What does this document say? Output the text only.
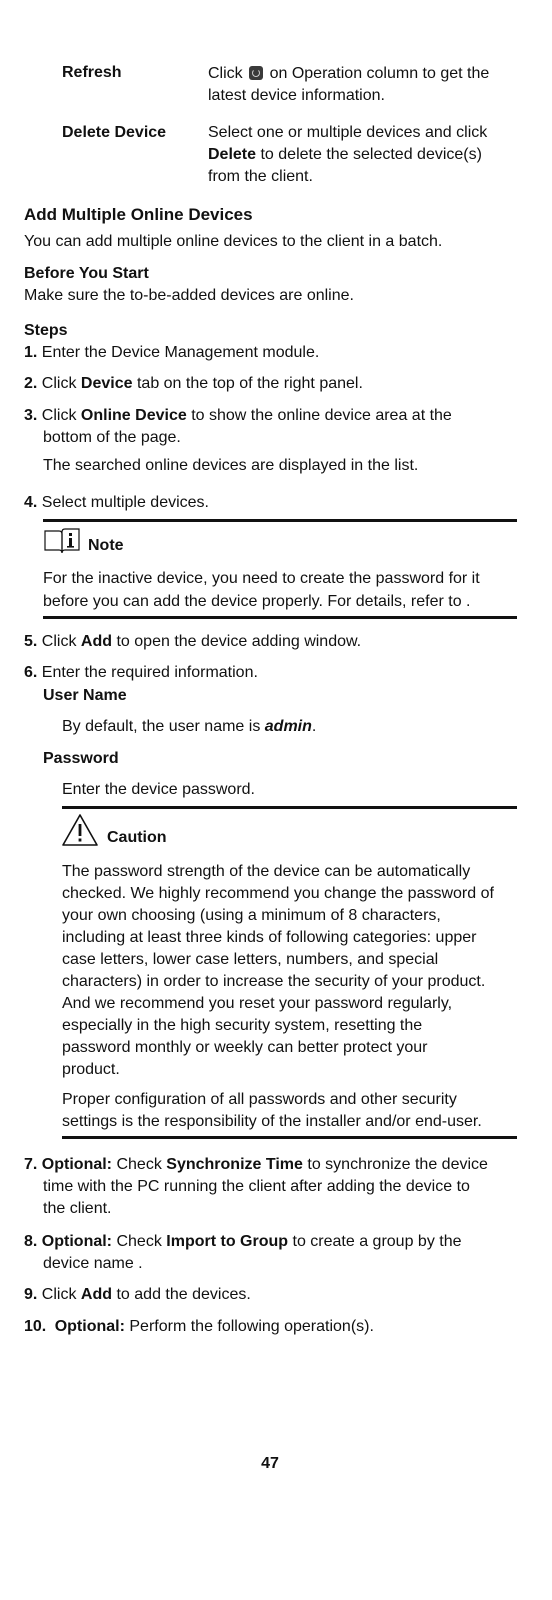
Refresh	Click on Operation column to get the
latest device information.
Delete Device	Select one or multiple devices and click
Delete to delete the selected device(s)
from the client.
Add Multiple Online Devices
You can add multiple online devices to the client in a batch.
Before You Start
Make sure the to-be-added devices are online.
Steps
1. Enter the Device Management module.
2. Click Device tab on the top of the right panel.
3. Click Online Device to show the online device area at the
bottom of the page.
The searched online devices are displayed in the list.
4. Select multiple devices.
Note
For the inactive device, you need to create the password for it
before you can add the device properly. For details, refer to .
5. Click Add to open the device adding window.
6. Enter the required information.
User Name
By default, the user name is admin.
Password
Enter the device password.
Caution
The password strength of the device can be automatically
checked. We highly recommend you change the password of
your own choosing (using a minimum of 8 characters,
including at least three kinds of following categories: upper
case letters, lower case letters, numbers, and special
characters) in order to increase the security of your product.
And we recommend you reset your password regularly,
especially in the high security system, resetting the
password monthly or weekly can better protect your
product.
Proper configuration of all passwords and other security
settings is the responsibility of the installer and/or end-user.
7. Optional: Check Synchronize Time to synchronize the device
time with the PC running the client after adding the device to
the client.
8. Optional: Check Import to Group to create a group by the
device name .
9. Click Add to add the devices.
10. Optional: Perform the following operation(s).
47
